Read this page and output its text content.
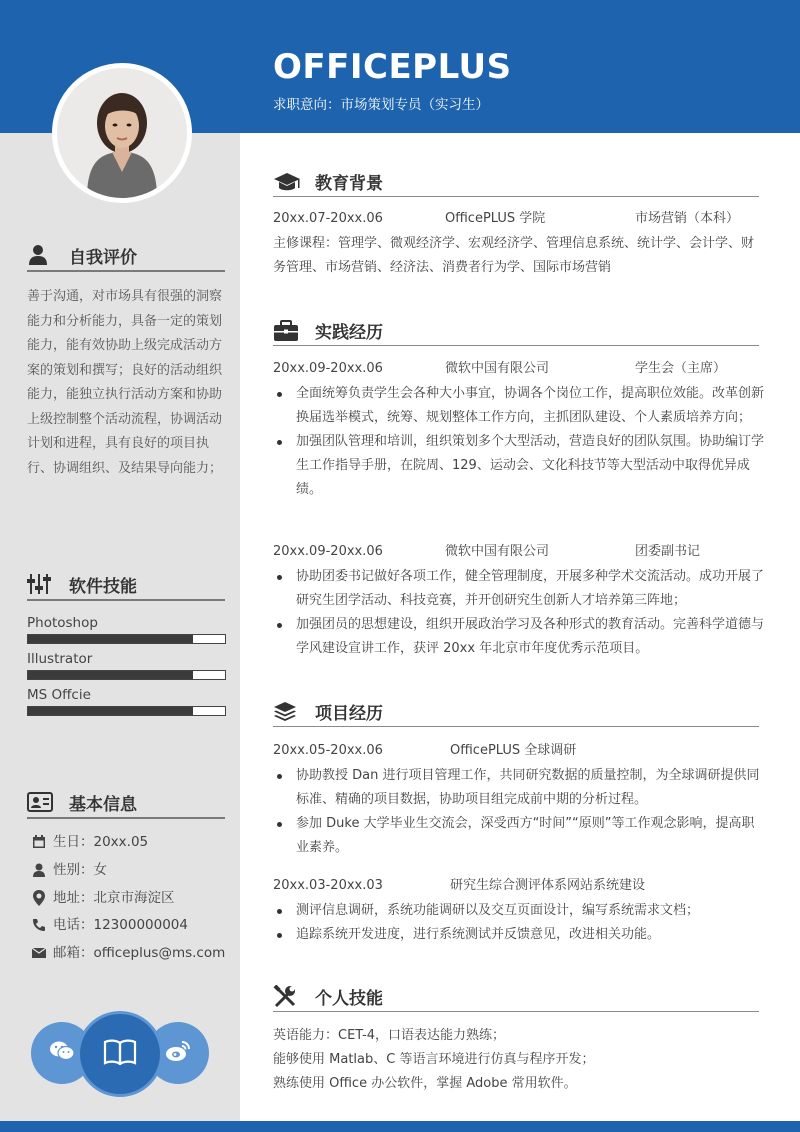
OFFICEPLUS
求职意向：市场策划专员（实习生）
自我评价

善于沟通，对市场具有很强的洞察能力和分析能力，具备一定的策划能力，能有效协助上级完成活动方案的策划和撰写；良好的活动组织能力，能独立执行活动方案和协助上级控制整个活动流程，协调活动计划和进程，具有良好的项目执行、协调组织、及结果导向能力；

软件技能
Photoshop
Illustrator
MS Offcie
基本信息
生日：20xx.05
性别：女
地址：北京市海淀区
电话：12300000004
邮箱：officeplus@ms.com
教育背景
20xx.07-20xx.06	OfficePLUS 学院	市场营销（本科）
主修课程：管理学、微观经济学、宏观经济学、管理信息系统、统计学、会计学、财务管理、市场营销、经济法、消费者行为学、国际市场营销
实践经历
20xx.09-20xx.06	微软中国有限公司	学生会（主席）
全面统筹负责学生会各种大小事宜，协调各个岗位工作，提高职位效能。改革创新换届选举模式，统筹、规划整体工作方向，主抓团队建设、个人素质培养方向；
加强团队管理和培训，组织策划多个大型活动，营造良好的团队氛围。协助编订学生工作指导手册，在院周、129、运动会、文化科技节等大型活动中取得优异成绩。
20xx.09-20xx.06	微软中国有限公司	团委副书记
协助团委书记做好各项工作，健全管理制度，开展多种学术交流活动。成功开展了研究生团学活动、科技竞赛，并开创研究生创新人才培养第三阵地；
加强团员的思想建设，组织开展政治学习及各种形式的教育活动。完善科学道德与学风建设宣讲工作，获评 20xx 年北京市年度优秀示范项目。
项目经历
20xx.05-20xx.06	OfficePLUS 全球调研
协助教授 Dan 进行项目管理工作，共同研究数据的质量控制，为全球调研提供同标准、精确的项目数据，协助项目组完成前中期的分析过程。
参加 Duke 大学毕业生交流会，深受西方“时间”“原则”等工作观念影响，提高职业素养。
20xx.03-20xx.03	研究生综合测评体系网站系统建设
测评信息调研，系统功能调研以及交互页面设计，编写系统需求文档；
追踪系统开发进度，进行系统测试并反馈意见，改进相关功能。
个人技能
英语能力：CET-4，口语表达能力熟练；
能够使用 Matlab、C 等语言环境进行仿真与程序开发；
熟练使用 Office 办公软件，掌握 Adobe 常用软件。
